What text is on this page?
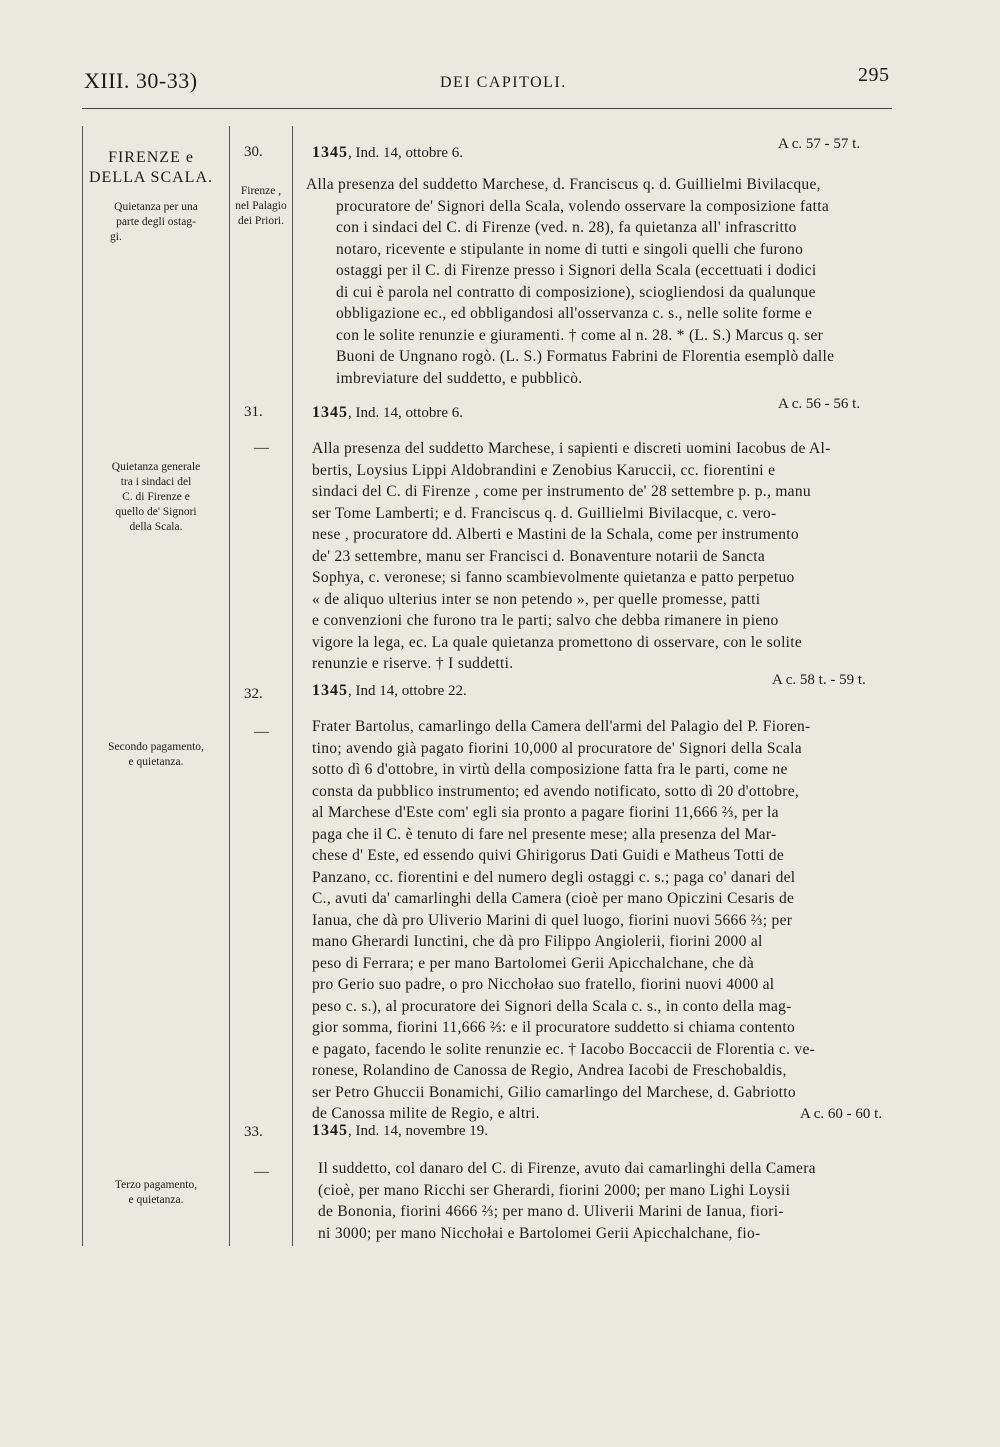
XIII. 30-33)	DEI CAPITOLI.	295
FIRENZE e
DELLA SCALA.
Quietanza per una
parte degli ostag-
gi.
Quietanza generale
tra i sindaci del
C. di Firenze e
quello de' Signori
della Scala.
Secondo pagamento,
e quietanza.
Terzo pagamento,
e quietanza.
30.
Firenze ,
nel Palagio
dei Priori.
1345, Ind. 14, ottobre 6.
A c. 57 - 57 t.
Alla presenza del suddetto Marchese, d. Franciscus q. d. Guillielmi Bivilacque,
procuratore de' Signori della Scala, volendo osservare la composizione fatta
con i sindaci del C. di Firenze (ved. n. 28), fa quietanza all' infrascritto
notaro, ricevente e stipulante in nome di tutti e singoli quelli che furono
ostaggi per il C. di Firenze presso i Signori della Scala (eccettuati i dodici
di cui è parola nel contratto di composizione), sciogliendosi da qualunque
obbligazione ec., ed obbligandosi all'osservanza c. s., nelle solite forme e
con le solite renunzie e giuramenti. † come al n. 28. * (L. S.) Marcus q. ser
Buoni de Ungnano rogò. (L. S.) Formatus Fabrini de Florentia esemplò dalle
imbreviature del suddetto, e pubblicò.
31.
—
1345, Ind. 14, ottobre 6.
A c. 56 - 56 t.
Alla presenza del suddetto Marchese, i sapienti e discreti uomini Iacobus de Al-
bertis, Loysius Lippi Aldobrandini e Zenobius Karuccii, cc. fiorentini e
sindaci del C. di Firenze , come per instrumento de' 28 settembre p. p., manu
ser Tome Lamberti; e d. Franciscus q. d. Guillielmi Bivilacque, c. vero-
nese , procuratore dd. Alberti e Mastini de la Schala, come per instrumento
de' 23 settembre, manu ser Francisci d. Bonaventure notarii de Sancta
Sophya, c. veronese; si fanno scambievolmente quietanza e patto perpetuo
« de aliquo ulterius inter se non petendo », per quelle promesse, patti
e convenzioni che furono tra le parti; salvo che debba rimanere in pieno
vigore la lega, ec. La quale quietanza promettono di osservare, con le solite
renunzie e riserve. † I suddetti.
32.
—
1345, Ind 14, ottobre 22.
A c. 58 t. - 59 t.
Frater Bartolus, camarlingo della Camera dell'armi del Palagio del P. Fioren-
tino; avendo già pagato fiorini 10,000 al procuratore de' Signori della Scala
sotto dì 6 d'ottobre, in virtù della composizione fatta fra le parti, come ne
consta da pubblico instrumento; ed avendo notificato, sotto dì 20 d'ottobre,
al Marchese d'Este com' egli sia pronto a pagare fiorini 11,666 ⅔, per la
paga che il C. è tenuto di fare nel presente mese; alla presenza del Mar-
chese d' Este, ed essendo quivi Ghirigorus Dati Guidi e Matheus Totti de
Panzano, cc. fiorentini e del numero degli ostaggi c. s.; paga co' danari del
C., avuti da' camarlinghi della Camera (cioè per mano Opiczini Cesaris de
Ianua, che dà pro Uliverio Marini di quel luogo, fiorini nuovi 5666 ⅔; per
mano Gherardi Iunctini, che dà pro Filippo Angiolerii, fiorini 2000 al
peso di Ferrara; e per mano Bartolomei Gerii Apicchalchane, che dà
pro Gerio suo padre, o pro Nicchołao suo fratello, fiorini nuovi 4000 al
peso c. s.), al procuratore dei Signori della Scala c. s., in conto della mag-
gior somma, fiorini 11,666 ⅔: e il procuratore suddetto si chiama contento
e pagato, facendo le solite renunzie ec. † Iacobo Boccaccii de Florentia c. ve-
ronese, Rolandino de Canossa de Regio, Andrea Iacobi de Freschobaldis,
ser Petro Ghuccii Bonamichi, Gilio camarlingo del Marchese, d. Gabriotto
de Canossa milite de Regio, e altri.
33.
—
1345, Ind. 14, novembre 19.
A c. 60 - 60 t.
Il suddetto, col danaro del C. di Firenze, avuto dai camarlinghi della Camera
(cioè, per mano Ricchi ser Gherardi, fiorini 2000; per mano Lighi Loysii
de Bononia, fiorini 4666 ⅔; per mano d. Uliverii Marini de Ianua, fiori-
ni 3000; per mano Nicchołai e Bartolomei Gerii Apicchalchane, fio-
